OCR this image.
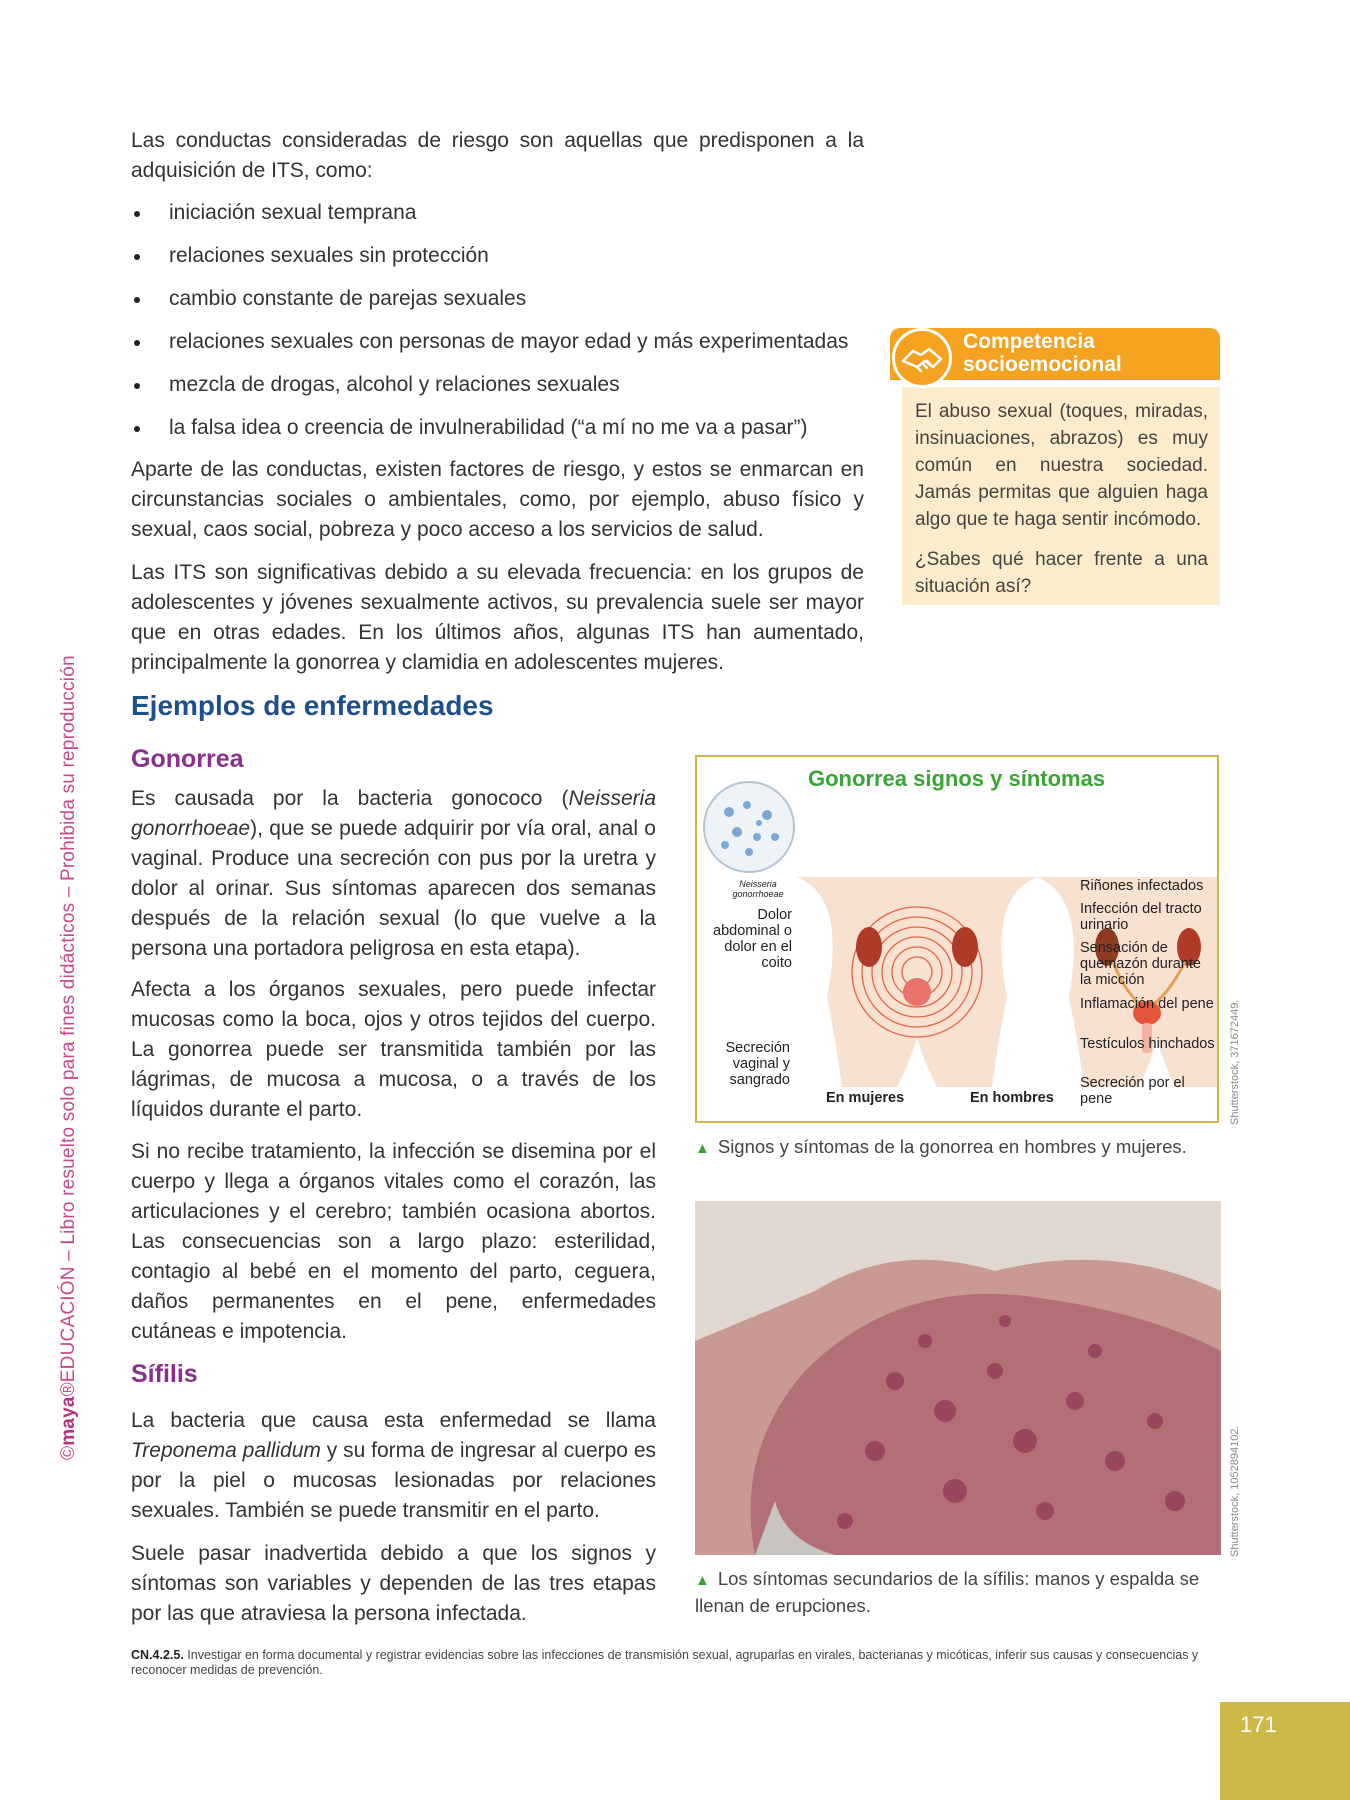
©maya®EDUCACIÓN – Libro resuelto solo para fines didácticos – Prohibida su reproducción

Las conductas consideradas de riesgo son aquellas que predisponen a la adquisición de ITS, como:

iniciación sexual temprana
relaciones sexuales sin protección
cambio constante de parejas sexuales
relaciones sexuales con personas de mayor edad y más experimentadas
mezcla de drogas, alcohol y relaciones sexuales
la falsa idea o creencia de invulnerabilidad (“a mí no me va a pasar”)

Aparte de las conductas, existen factores de riesgo, y estos se enmarcan en circunstancias sociales o ambientales, como, por ejemplo, abuso físico y sexual, caos social, pobreza y poco acceso a los servicios de salud.

Las ITS son significativas debido a su elevada frecuencia: en los grupos de adolescentes y jóvenes sexualmente activos, su prevalencia suele ser mayor que en otras edades. En los últimos años, algunas ITS han aumentado, principalmente la gonorrea y clamidia en adolescentes mujeres.

Ejemplos de enfermedades
Gonorrea

Es causada por la bacteria gonococo (Neisseria gonorrhoeae), que se puede adquirir por vía oral, anal o vaginal. Produce una secreción con pus por la uretra y dolor al orinar. Sus síntomas aparecen dos semanas después de la relación sexual (lo que vuelve a la persona una portadora peligrosa en esta etapa).

Afecta a los órganos sexuales, pero puede infectar mucosas como la boca, ojos y otros tejidos del cuerpo. La gonorrea puede ser transmitida también por las lágrimas, de mucosa a mucosa, o a través de los líquidos durante el parto.

Si no recibe tratamiento, la infección se disemina por el cuerpo y llega a órganos vitales como el corazón, las articulaciones y el cerebro; también ocasiona abortos. Las consecuencias son a largo plazo: esterilidad, contagio al bebé en el momento del parto, ceguera, daños permanentes en el pene, enfermedades cutáneas e impotencia.

Sífilis

La bacteria que causa esta enfermedad se llama Treponema pallidum y su forma de ingresar al cuerpo es por la piel o mucosas lesionadas por relaciones sexuales. También se puede transmitir en el parto.

Suele pasar inadvertida debido a que los signos y síntomas son variables y dependen de las tres etapas por las que atraviesa la persona infectada.

Competencia
socioemocional

El abuso sexual (toques, miradas, insinuaciones, abrazos) es muy común en nuestra sociedad. Jamás permitas que alguien haga algo que te haga sentir incómodo.

¿Sabes qué hacer frente a una situación así?

Gonorrea signos y síntomas
Neisseria
gonorrhoeae
Dolor abdominal o dolor en el coito
Secreción vaginal y sangrado
En mujeres	En hombres
Riñones infectados
Infección del tracto urinario
Sensación de quemazón durante la micción
Inflamación del pene
Testículos hinchados
Secreción por el pene	Shutterstock, 371672449.
▲ Signos y síntomas de la gonorrea en hombres y mujeres.
Shutterstock, 1052894102.
▲ Los síntomas secundarios de la sífilis: manos y espalda se llenan de erupciones.
CN.4.2.5. Investigar en forma documental y registrar evidencias sobre las infecciones de transmisión sexual, agruparlas en virales, bacterianas y micóticas, inferir sus causas y consecuencias y reconocer medidas de prevención.
171
